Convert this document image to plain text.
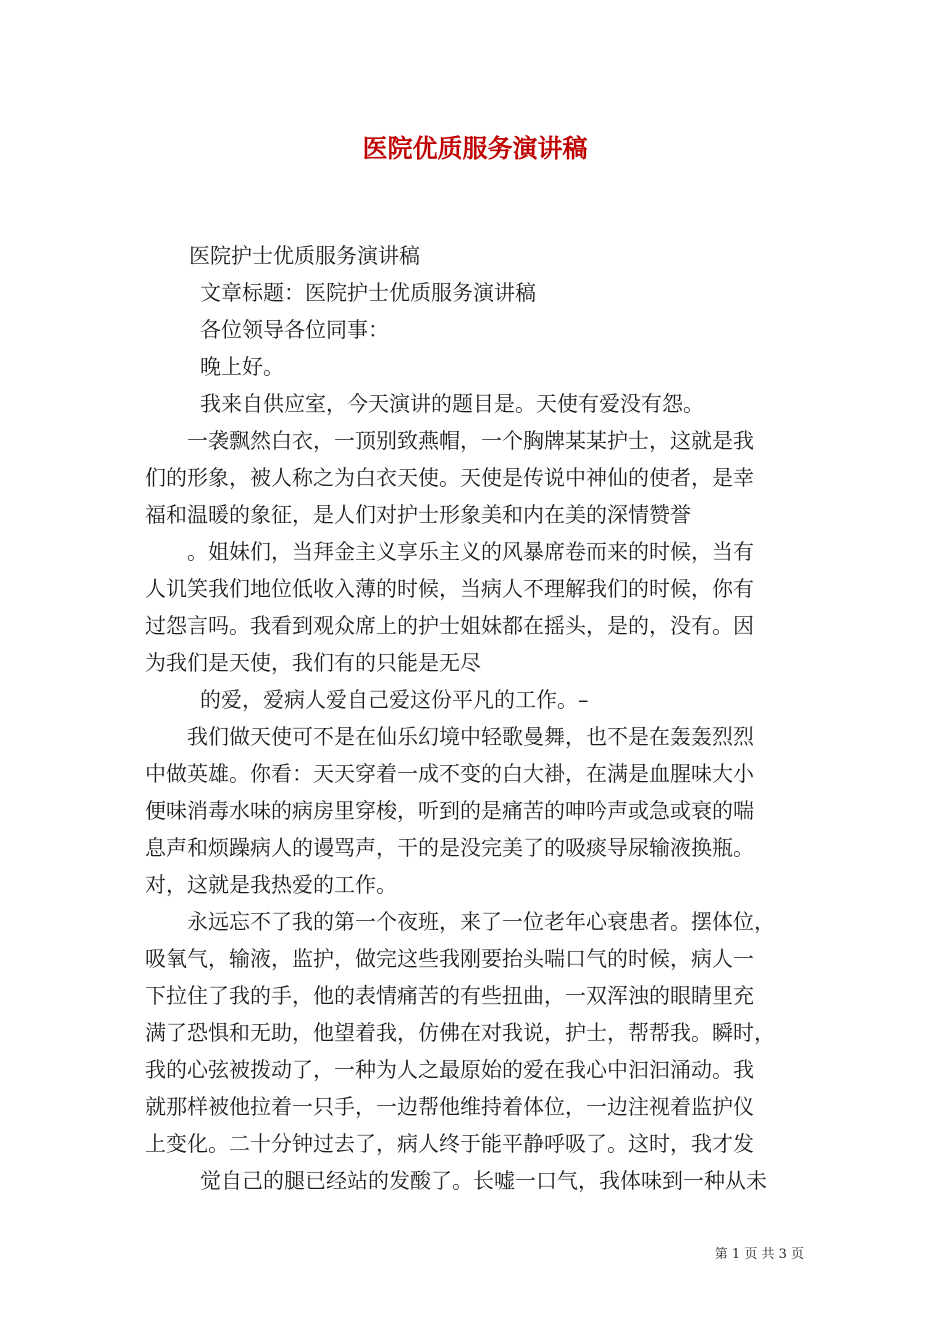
医院优质服务演讲稿
医院护士优质服务演讲稿
文章标题：医院护士优质服务演讲稿
各位领导各位同事：
晚上好。
我来自供应室，今天演讲的题目是。天使有爱没有怨。
一袭飘然白衣，一顶别致燕帽，一个胸牌某某护士，这就是我
们的形象，被人称之为白衣天使。天使是传说中神仙的使者，是幸
福和温暖的象征，是人们对护士形象美和内在美的深情赞誉
。姐妹们，当拜金主义享乐主义的风暴席卷而来的时候，当有
人讥笑我们地位低收入薄的时候，当病人不理解我们的时候，你有
过怨言吗。我看到观众席上的护士姐妹都在摇头，是的，没有。因
为我们是天使，我们有的只能是无尽
的爱，爱病人爱自己爱这份平凡的工作。–
我们做天使可不是在仙乐幻境中轻歌曼舞，也不是在轰轰烈烈
中做英雄。你看：天天穿着一成不变的白大褂，在满是血腥味大小
便味消毒水味的病房里穿梭，听到的是痛苦的呻吟声或急或衰的喘
息声和烦躁病人的谩骂声，干的是没完美了的吸痰导尿输液换瓶。
对，这就是我热爱的工作。
永远忘不了我的第一个夜班，来了一位老年心衰患者。摆体位，
吸氧气，输液，监护，做完这些我刚要抬头喘口气的时候，病人一
下拉住了我的手，他的表情痛苦的有些扭曲，一双浑浊的眼睛里充
满了恐惧和无助，他望着我，仿佛在对我说，护士，帮帮我。瞬时，
我的心弦被拨动了，一种为人之最原始的爱在我心中汩汩涌动。我
就那样被他拉着一只手，一边帮他维持着体位，一边注视着监护仪
上变化。二十分钟过去了，病人终于能平静呼吸了。这时，我才发
觉自己的腿已经站的发酸了。长嘘一口气，我体味到一种从未
第 1 页 共 3 页
